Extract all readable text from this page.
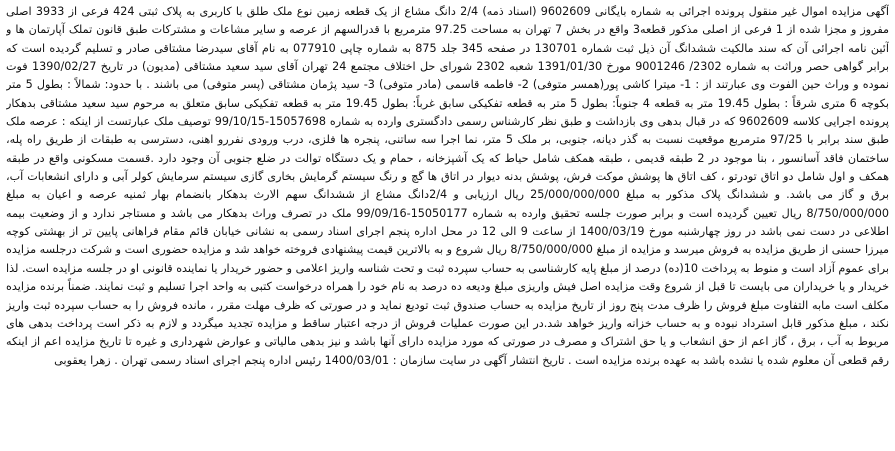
آگهی مزایده اموال غیر منقول پرونده اجرائی به شماره بایگانی 9602609 (اسناد ذمه) 2/4 دانگ مشاع از یک قطعه زمین نوع ملک طلق با کاربری به پلاک ثبتی 424 فرعی از 3933 اصلی مفروز و مجزا شده از 1 فرعی از اصلی مذکور قطعه3 واقع در بخش 7 تهران به مساحت 97.25 مترمربع با قدرالسهم از عرصه و سایر مشاعات و مشترکات طبق قانون تملک آپارتمان ها و آئین نامه اجرائی آن که سند مالکیت ششدانگ آن ذیل ثبت شماره 130701 در صفحه 345 جلد 875 به شماره چاپی 077910 به نام آقای سیدرضا مشتاقی صادر و تسلیم گردیده است که برابر گواهی حصر وراثت به شماره 2302/ 9001246 مورخ 1391/01/30 شعبه 2302 شورای حل اختلاف مجتمع 24 تهران آقای سید سعید مشتاقی (مدیون) در تاریخ 1390/02/27 فوت نموده و وراث حین الفوت وی عبارتند از : 1- میترا کاشی پور(همسر متوفی) 2- فاطمه قاسمی (مادر متوفی) 3- سید پژمان مشتاقی (پسر متوفی) می باشند . با حدود: شمالاً : بطول 5 متر بکوچه 6 متری شرقاً : بطول 19.45 متر به قطعه 4 جنوباً: بطول 5 متر به قطعه تفکیکی سابق غرباً: بطول 19.45 متر به قطعه تفکیکی سابق متعلق به مرحوم سید سعید مشتاقی بدهکار پرونده اجرایی کلاسه 9602609 که در قبال بدهی وی بازداشت و طبق نظر کارشناس رسمی دادگستری وارده به شماره 15057698-99/10/15 توصیف ملک عبارتست از اینکه : عرصه ملک طبق سند برابر با 97/25 مترمربع موقعیت نسبت به گذر دیانه، جنوبی، بر ملک 5 متر، نما اجرا سه ساتنی، پنجره ها فلزی، درب ورودی نفررو اهنی، دسترسی به طبقات از طریق راه پله، ساختمان فاقد آسانسور ، بنا موجود در 2 طبقه قدیمی ، طبقه همکف شامل حیاط که یک آشپزخانه ، حمام و یک دستگاه توالت در ضلع جنوبی آن وجود دارد .قسمت مسکونی واقع در طبقه همکف و اول شامل دو اتاق تودرتو ، کف اتاق ها پوشش موکت فرش، پوشش بدنه دیوار در اتاق ها گچ و رنگ سیستم گرمایش بخاری گازی سیستم سرمایش کولر آبی و دارای انشعابات آب، برق و گاز می باشد. و ششدانگ پلاک مذکور به مبلغ 25/000/000/000 ریال ارزیابی و 2/4دانگ مشاع از ششدانگ سهم الارث بدهکار بانضمام بهار ثمنیه عرصه و اعیان به مبلغ 8/750/000/000 ریال تعیین گردیده است و برابر صورت جلسه تحقیق وارده به شماره 15050177-99/09/16 ملک در تصرف وراث بدهکار می باشد و مستاجر ندارد و از وضعیت بیمه اطلاعی در دست نمی باشد در روز چهارشنبه مورخ 1400/03/19 از ساعت 9 الی 12 در محل اداره پنجم اجرای اسناد رسمی به نشانی خیابان قائم مقام فراهانی پایین تر از بهشتی کوچه میرزا حسنی از طریق مزایده به فروش میرسد و مزایده از مبلغ 8/750/000/000 ریال شروع و به بالاترین قیمت پیشنهادی فروخته خواهد شد و مزایده حضوری است و شرکت درجلسه مزایده برای عموم آزاد است و منوط به پرداخت 10(ده) درصد از مبلغ پایه کارشناسی به حساب سپرده ثبت و تحت شناسه واریز اعلامی و حضور خریدار یا نماینده قانونی او در جلسه مزایده است. لذا خریدار و یا خریداران می بایست تا قبل از شروع وقت مزایده اصل فیش واریزی مبلغ ودیعه ده درصد به نام خود را همراه درخواست کتبی به واحد اجرا تسلیم و ثبت نمایند. ضمناً برنده مزایده مکلف است مابه التفاوت مبلغ فروش را ظرف مدت پنج روز از تاریخ مزایده به حساب صندوق ثبت تودیع نماید و در صورتی که ظرف مهلت مقرر ، مانده فروش را به حساب سپرده ثبت واریز نکند ، مبلغ مذکور قابل استرداد نبوده و به حساب خزانه واریز خواهد شد.در این صورت عملیات فروش از درجه اعتبار ساقط و مزایده تجدید میگردد و لازم به ذکر است پرداخت بدهی های مربوط به آب ، برق ، گاز اعم از حق انشعاب و یا حق اشتراک و مصرف در صورتی که مورد مزایده دارای آنها باشد و نیز بدهی مالیاتی و عوارض شهرداری و غیره تا تاریخ مزایده اعم از اینکه رقم قطعی آن معلوم شده یا نشده باشد به عهده برنده مزایده است . تاریخ انتشار آگهی در سایت سازمان : 1400/03/01 رئیس اداره پنجم اجرای اسناد رسمی تهران . زهرا یعقوبی
